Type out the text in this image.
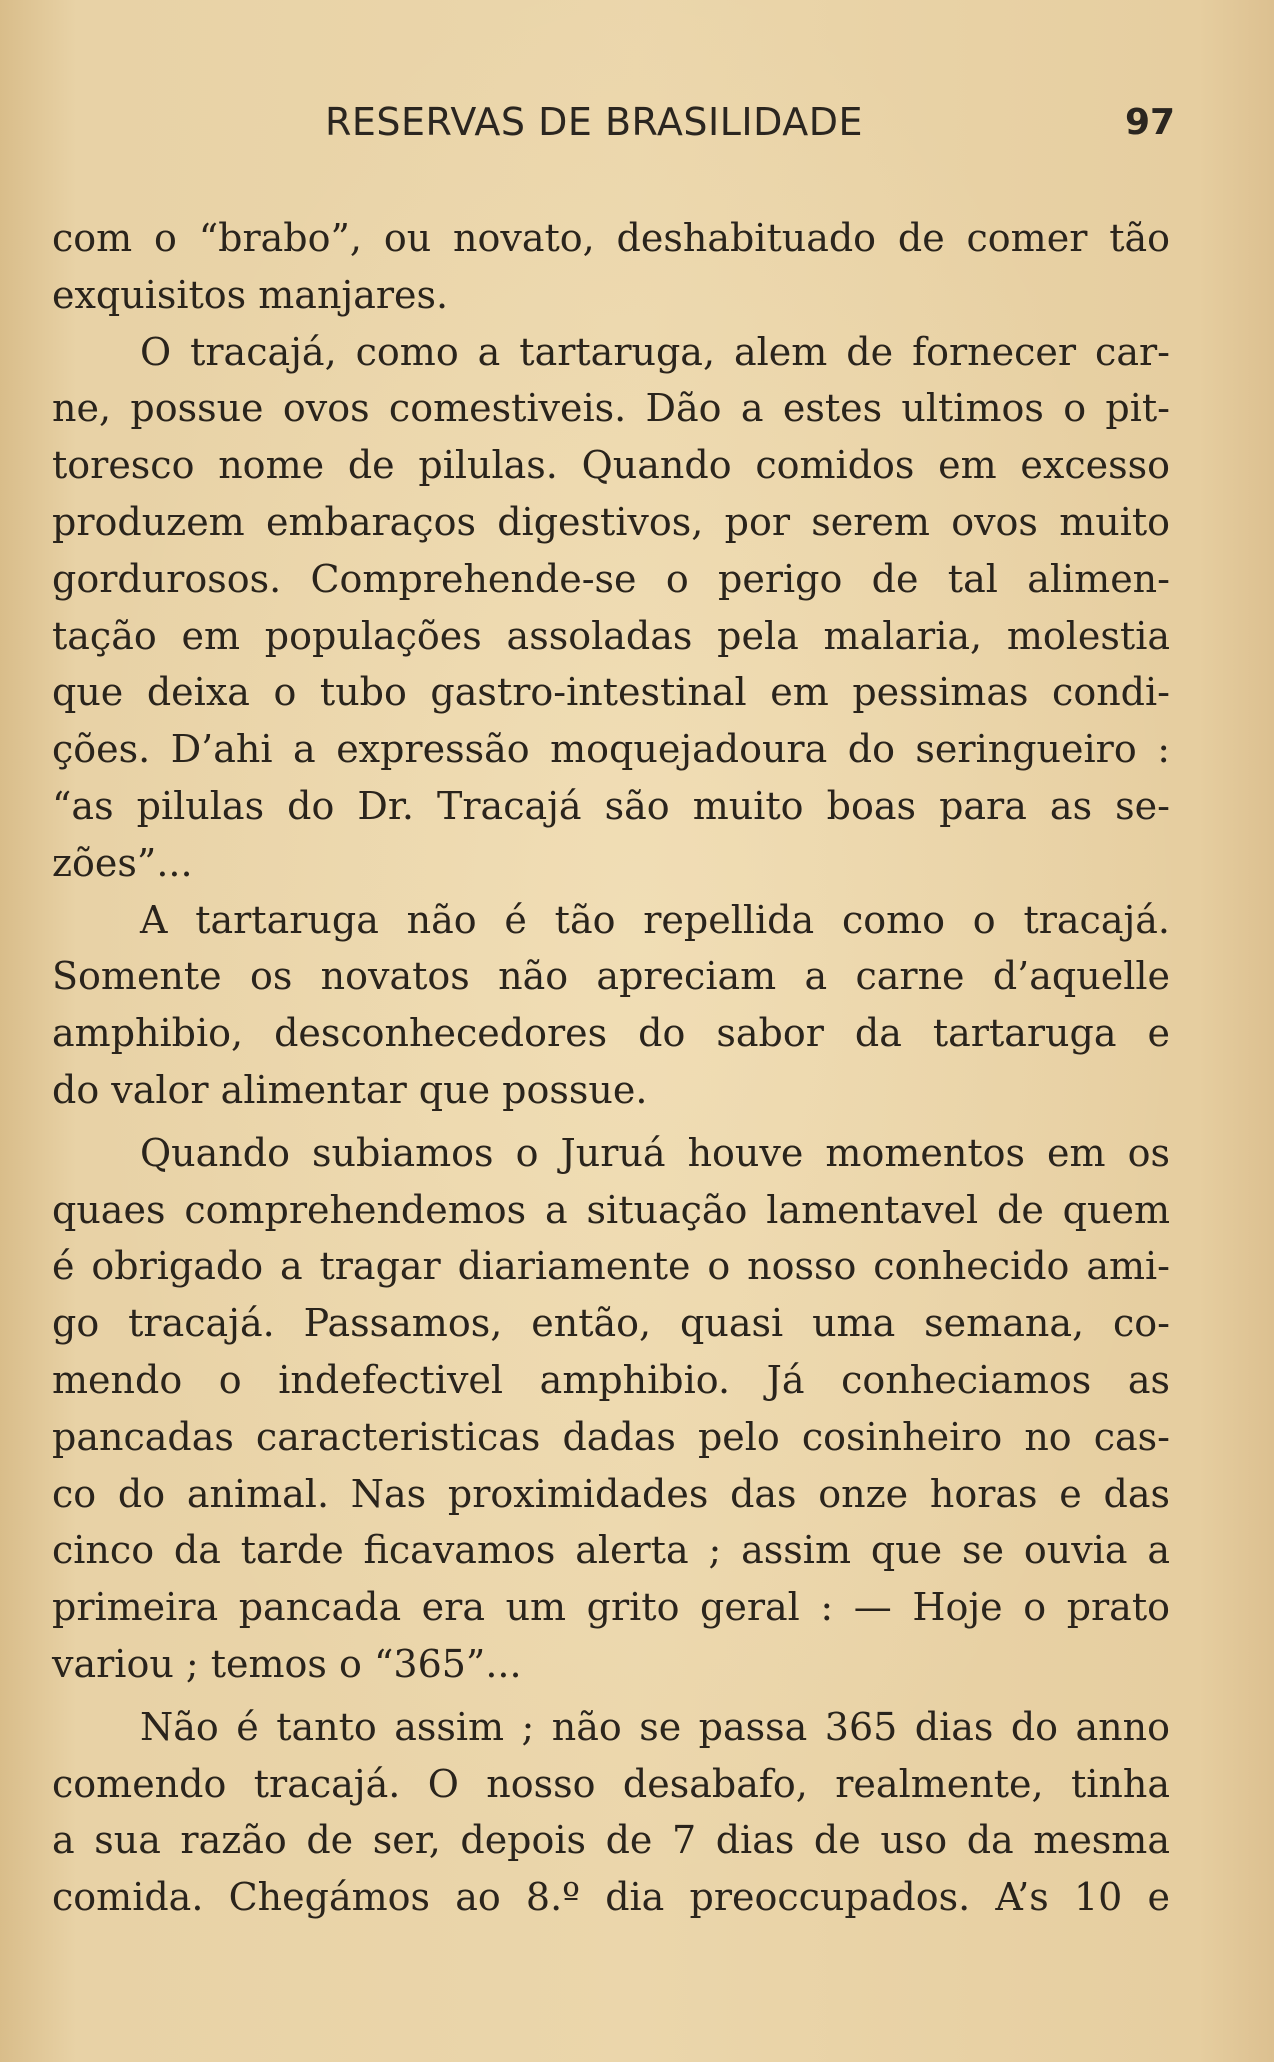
RESERVAS DE BRASILIDADE	97
com o “brabo”, ou novato, deshabituado de comer tão
exquisitos manjares.
O tracajá, como a tartaruga, alem de fornecer car-
ne, possue ovos comestiveis. Dão a estes ultimos o pit-
toresco nome de pilulas. Quando comidos em excesso
produzem embaraços digestivos, por serem ovos muito
gordurosos. Comprehende-se o perigo de tal alimen-
tação em populações assoladas pela malaria, molestia
que deixa o tubo gastro-intestinal em pessimas condi-
ções. D’ahi a expressão moquejadoura do seringueiro :
“as pilulas do Dr. Tracajá são muito boas para as se-
zões”...
A tartaruga não é tão repellida como o tracajá.
Somente os novatos não apreciam a carne d’aquelle
amphibio, desconhecedores do sabor da tartaruga e
do valor alimentar que possue.
Quando subiamos o Juruá houve momentos em os
quaes comprehendemos a situação lamentavel de quem
é obrigado a tragar diariamente o nosso conhecido ami-
go tracajá. Passamos, então, quasi uma semana, co-
mendo o indefectivel amphibio. Já conheciamos as
pancadas caracteristicas dadas pelo cosinheiro no cas-
co do animal. Nas proximidades das onze horas e das
cinco da tarde ficavamos alerta ; assim que se ouvia a
primeira pancada era um grito geral : — Hoje o prato
variou ; temos o “365”...
Não é tanto assim ; não se passa 365 dias do anno
comendo tracajá. O nosso desabafo, realmente, tinha
a sua razão de ser, depois de 7 dias de uso da mesma
comida. Chegámos ao 8.º dia preoccupados. A’s 10 e
